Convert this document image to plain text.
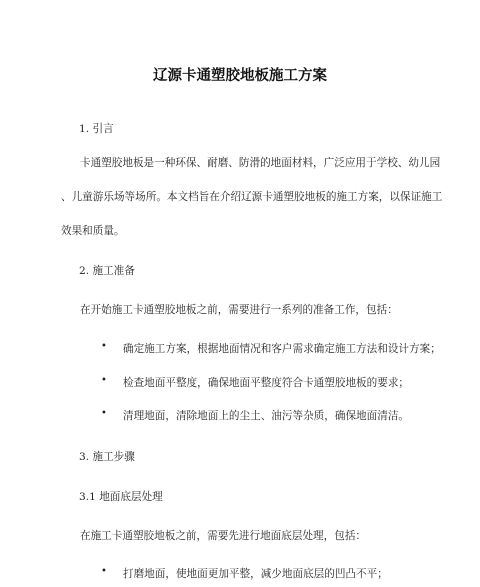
辽源卡通塑胶地板施工方案
1. 引言
卡通塑胶地板是一种环保、耐磨、防滑的地面材料，广泛应用于学校、幼儿园
、儿童游乐场等场所。本文档旨在介绍辽源卡通塑胶地板的施工方案，以保证施工
效果和质量。
2. 施工准备
在开始施工卡通塑胶地板之前，需要进行一系列的准备工作，包括：
• 确定施工方案，根据地面情况和客户需求确定施工方法和设计方案；
• 检查地面平整度，确保地面平整度符合卡通塑胶地板的要求；
• 清理地面，清除地面上的尘土、油污等杂质，确保地面清洁。
3. 施工步骤
3.1 地面底层处理
在施工卡通塑胶地板之前，需要先进行地面底层处理，包括：
• 打磨地面，使地面更加平整，减少地面底层的凹凸不平；
